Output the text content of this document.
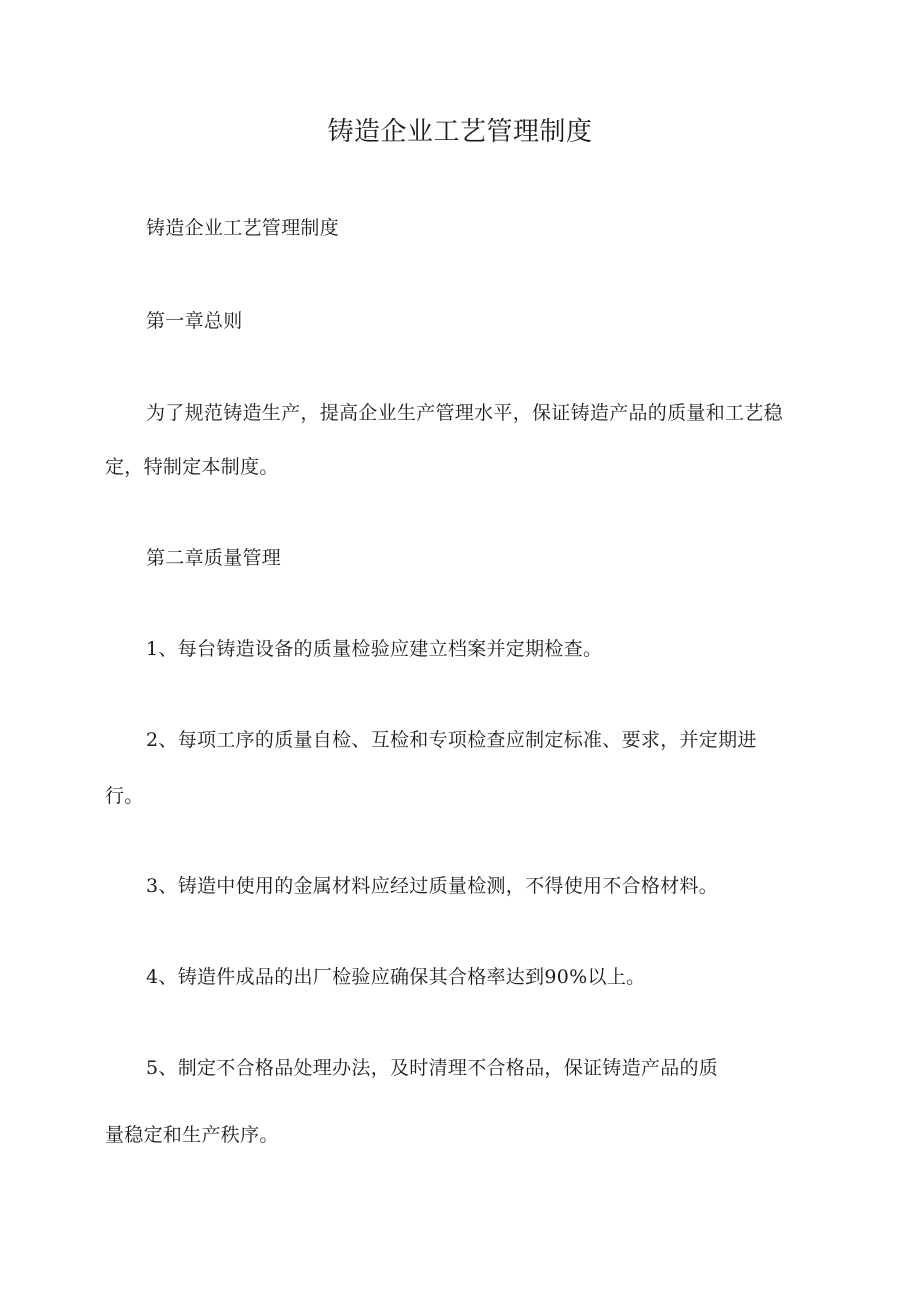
铸造企业工艺管理制度
铸造企业工艺管理制度
第一章总则
为了规范铸造生产，提高企业生产管理水平，保证铸造产品的质量和工艺稳
定，特制定本制度。
第二章质量管理
1、每台铸造设备的质量检验应建立档案并定期检查。
2、每项工序的质量自检、互检和专项检查应制定标准、要求，并定期进
行。
3、铸造中使用的金属材料应经过质量检测，不得使用不合格材料。
4、铸造件成品的出厂检验应确保其合格率达到90%以上。
5、制定不合格品处理办法，及时清理不合格品，保证铸造产品的质
量稳定和生产秩序。
